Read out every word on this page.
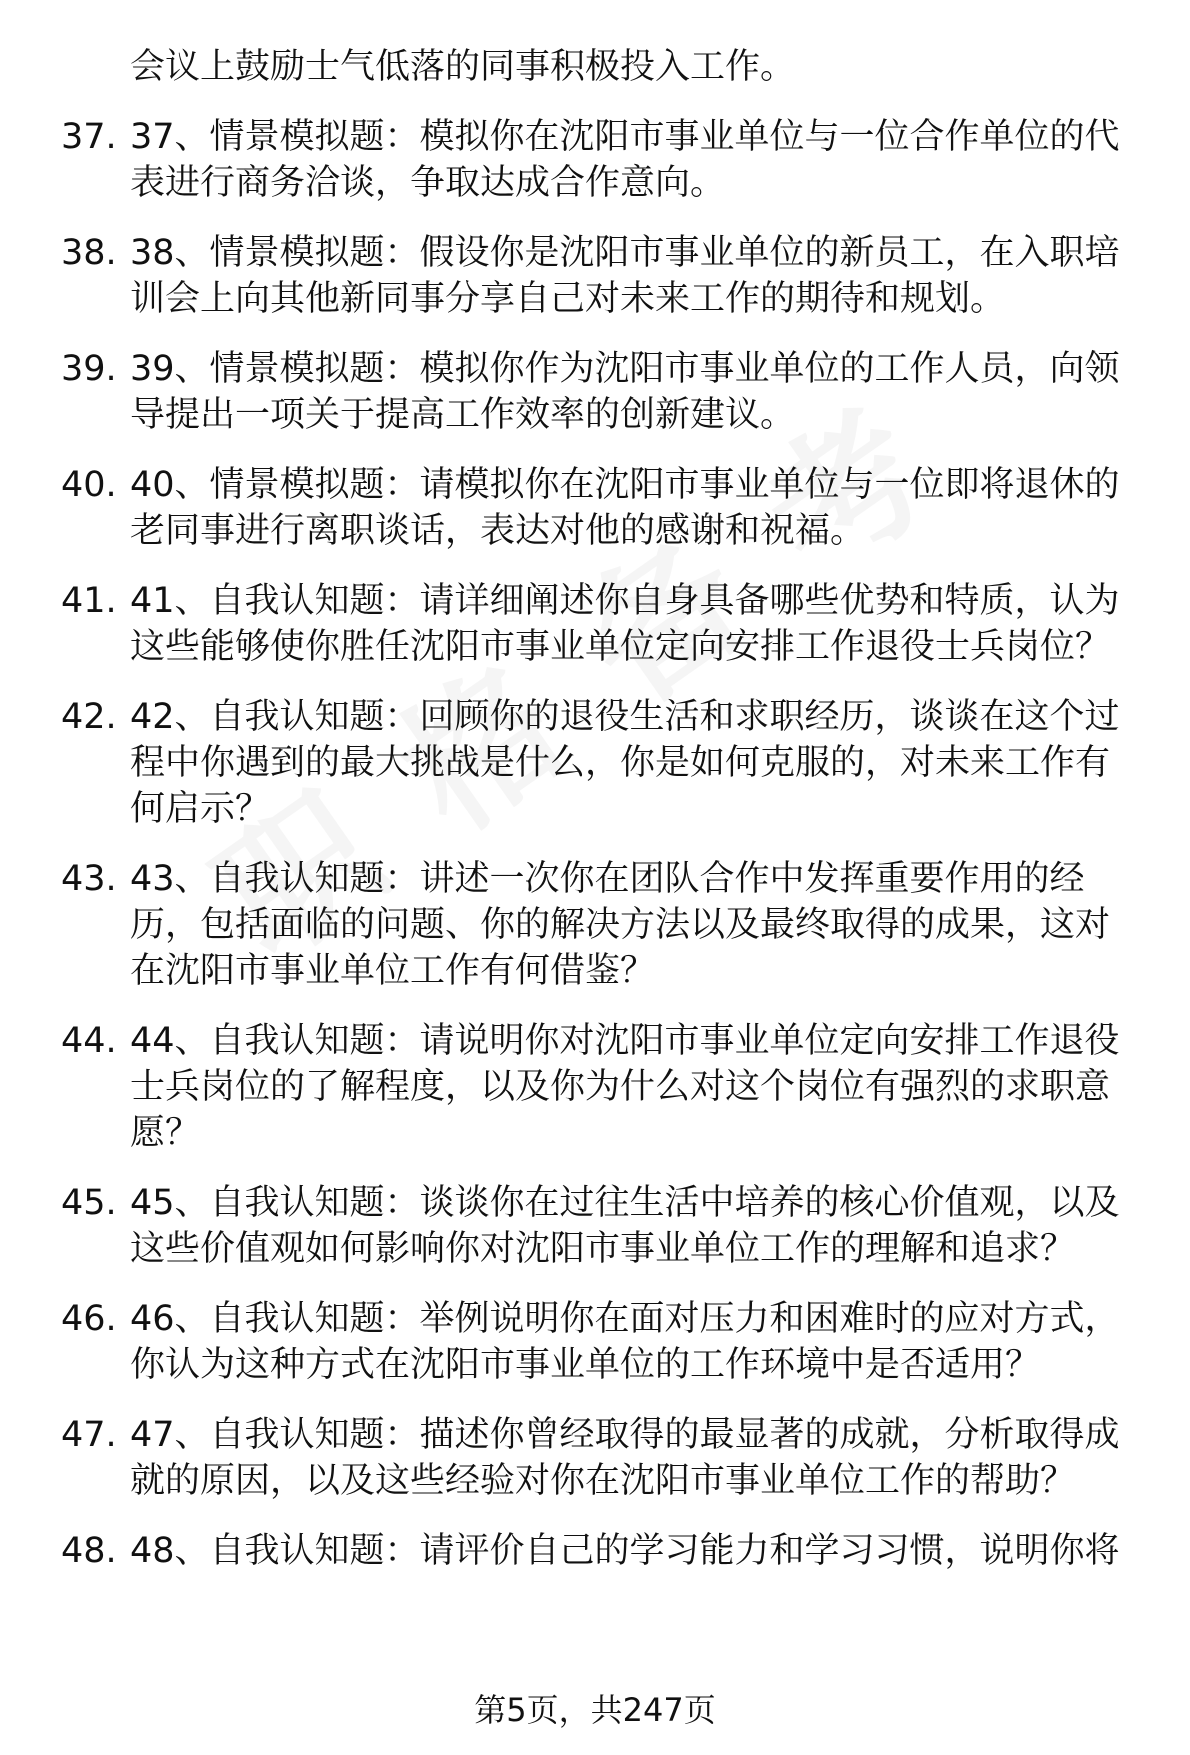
会议上鼓励士气低落的同事积极投入工作。

37. 37、情景模拟题：模拟你在沈阳市事业单位与一位合作单位的代

表进行商务洽谈，争取达成合作意向。

38. 38、情景模拟题：假设你是沈阳市事业单位的新员工，在入职培

训会上向其他新同事分享自己对未来工作的期待和规划。

39. 39、情景模拟题：模拟你作为沈阳市事业单位的工作人员，向领

导提出一项关于提高工作效率的创新建议。

40. 40、情景模拟题：请模拟你在沈阳市事业单位与一位即将退休的

老同事进行离职谈话，表达对他的感谢和祝福。

41. 41、自我认知题：请详细阐述你自身具备哪些优势和特质，认为

这些能够使你胜任沈阳市事业单位定向安排工作退役士兵岗位？

42. 42、自我认知题：回顾你的退役生活和求职经历，谈谈在这个过

程中你遇到的最大挑战是什么，你是如何克服的，对未来工作有

何启示？

43. 43、自我认知题：讲述一次你在团队合作中发挥重要作用的经

历，包括面临的问题、你的解决方法以及最终取得的成果，这对

在沈阳市事业单位工作有何借鉴？

44. 44、自我认知题：请说明你对沈阳市事业单位定向安排工作退役

士兵岗位的了解程度，以及你为什么对这个岗位有强烈的求职意

愿？

45. 45、自我认知题：谈谈你在过往生活中培养的核心价值观，以及

这些价值观如何影响你对沈阳市事业单位工作的理解和追求？

46. 46、自我认知题：举例说明你在面对压力和困难时的应对方式，

你认为这种方式在沈阳市事业单位的工作环境中是否适用？

47. 47、自我认知题：描述你曾经取得的最显著的成就，分析取得成

就的原因，以及这些经验对你在沈阳市事业单位工作的帮助？

48. 48、自我认知题：请评价自己的学习能力和学习习惯，说明你将

第5页，共247页
